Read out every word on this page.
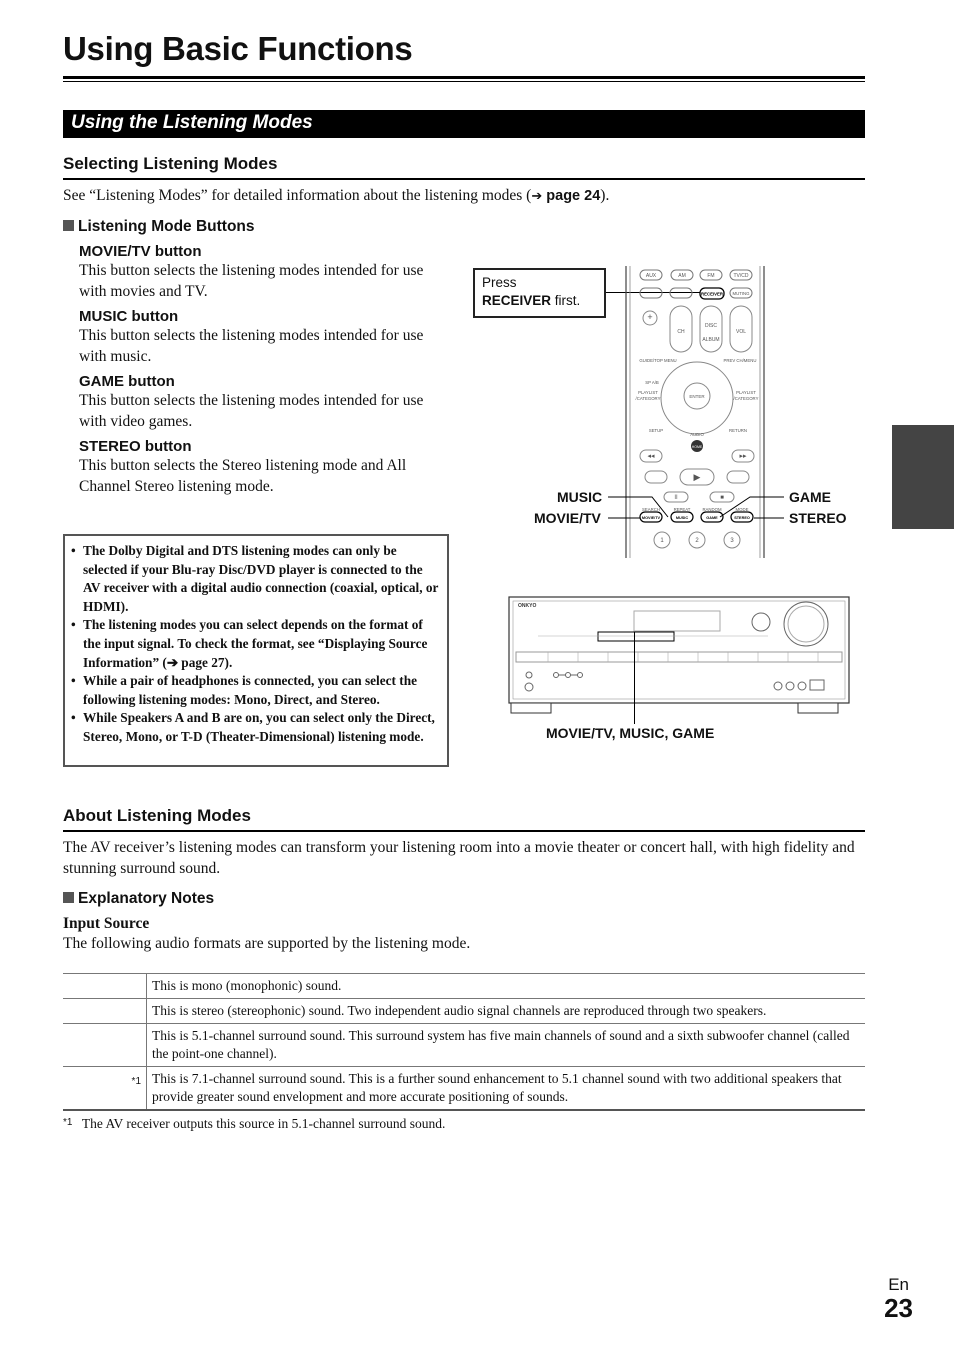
Using Basic Functions
Using the Listening Modes
Selecting Listening Modes
See “Listening Modes” for detailed information about the listening modes (➔ page 24).
Listening Mode Buttons
MOVIE/TV button
This button selects the listening modes intended for use with movies and TV.
MUSIC button
This button selects the listening modes intended for use with music.
GAME button
This button selects the listening modes intended for use with video games.
STEREO button
This button selects the Stereo listening mode and All Channel Stereo listening mode.
• The Dolby Digital and DTS listening modes can only be selected if your Blu-ray Disc/DVD player is connected to the AV receiver with a digital audio connection (coaxial, optical, or HDMI).
• The listening modes you can select depends on the format of the input signal. To check the format, see “Displaying Source Information” (➔ page 27).
• While a pair of headphones is connected, you can select the following listening modes: Mono, Direct, and Stereo.
• While Speakers A and B are on, you can select only the Direct, Stereo, Mono, or T-D (Theater-Dimensional) listening mode.
Press
RECEIVER first.
AUX	AM	FM	TV/CD
RECEIVER MUTING
+
CH
DISC
ALBUM
VOL
GUIDE/TOP MENU	PREV CH/MENU
SP A/B
ENTER
PLAYLIST
/CATEGORY
PLAYLIST
/CATEGORY
SETUP	RETURN
AUDIO
HOME
◂◂	▸▸
▶
II	■
SEARCH	REPEAT	RANDOM	MODE
MOVIE/TV	MUSIC	GAME	STEREO
1	2	3
MUSIC
MOVIE/TV
GAME
STEREO
ONKYO
MOVIE/TV, MUSIC, GAME
About Listening Modes
The AV receiver’s listening modes can transform your listening room into a movie theater or concert hall, with high fidelity and stunning surround sound.
Explanatory Notes
Input Source
The following audio formats are supported by the listening mode.
	This is mono (monophonic) sound.
	This is stereo (stereophonic) sound. Two independent audio signal channels are reproduced through two speakers.
	This is 5.1-channel surround sound. This surround system has five main channels of sound and a sixth subwoofer channel (called the point-one channel).
*1	This is 7.1-channel surround sound. This is a further sound enhancement to 5.1 channel sound with two additional speakers that provide greater sound envelopment and more accurate positioning of sounds.
$^{*1}$ The AV receiver outputs this source in 5.1-channel surround sound.
En
23
